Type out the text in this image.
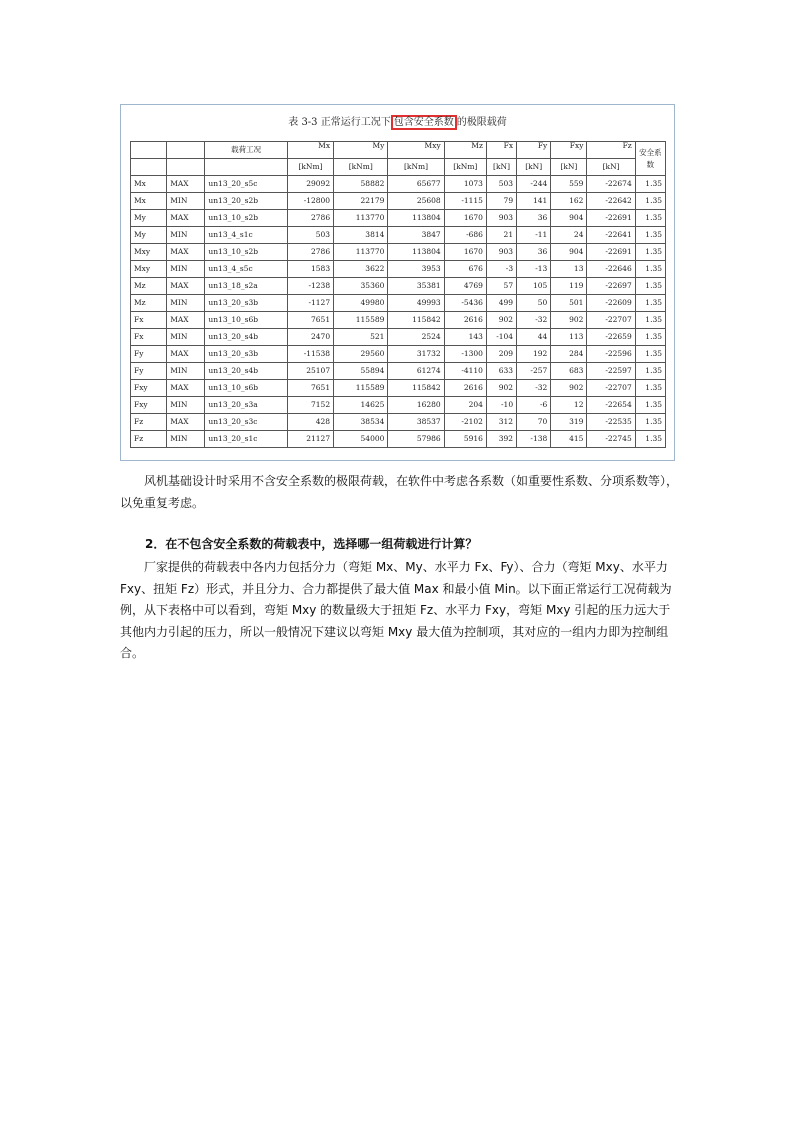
表 3-3 正常运行工况下 包含安全系数 的极限载荷
		载荷工况	Mx	My	Mxy	Mz	Fx	Fy	Fxy	Fz	安全系数
			[kNm]	[kNm]	[kNm]	[kNm]	[kN]	[kN]	[kN]	[kN]	
Mx	MAX	un13_20_s5c	29092	58882	65677	1073	503	-244	559	-22674	1.35
Mx	MIN	un13_20_s2b	-12800	22179	25608	-1115	79	141	162	-22642	1.35
My	MAX	un13_10_s2b	2786	113770	113804	1670	903	36	904	-22691	1.35
My	MIN	un13_4_s1c	503	3814	3847	-686	21	-11	24	-22641	1.35
Mxy	MAX	un13_10_s2b	2786	113770	113804	1670	903	36	904	-22691	1.35
Mxy	MIN	un13_4_s5c	1583	3622	3953	676	-3	-13	13	-22646	1.35
Mz	MAX	un13_18_s2a	-1238	35360	35381	4769	57	105	119	-22697	1.35
Mz	MIN	un13_20_s3b	-1127	49980	49993	-5436	499	50	501	-22609	1.35
Fx	MAX	un13_10_s6b	7651	115589	115842	2616	902	-32	902	-22707	1.35
Fx	MIN	un13_20_s4b	2470	521	2524	143	-104	44	113	-22659	1.35
Fy	MAX	un13_20_s3b	-11538	29560	31732	-1300	209	192	284	-22596	1.35
Fy	MIN	un13_20_s4b	25107	55894	61274	-4110	633	-257	683	-22597	1.35
Fxy	MAX	un13_10_s6b	7651	115589	115842	2616	902	-32	902	-22707	1.35
Fxy	MIN	un13_20_s3a	7152	14625	16280	204	-10	-6	12	-22654	1.35
Fz	MAX	un13_20_s3c	428	38534	38537	-2102	312	70	319	-22535	1.35
Fz	MIN	un13_20_s1c	21127	54000	57986	5916	392	-138	415	-22745	1.35
风机基础设计时采用不含安全系数的极限荷载，在软件中考虑各系数（如重要性系数、分项系数等），以免重复考虑。
2．在不包含安全系数的荷载表中，选择哪一组荷载进行计算？
厂家提供的荷载表中各内力包括分力（弯矩 Mx、My、水平力 Fx、Fy）、合力（弯矩 Mxy、水平力 Fxy、扭矩 Fz）形式，并且分力、合力都提供了最大值 Max 和最小值 Min。以下面正常运行工况荷载为例，从下表格中可以看到，弯矩 Mxy 的数量级大于扭矩 Fz、水平力 Fxy，弯矩 Mxy 引起的压力远大于其他内力引起的压力，所以一般情况下建议以弯矩 Mxy 最大值为控制项，其对应的一组内力即为控制组合。
